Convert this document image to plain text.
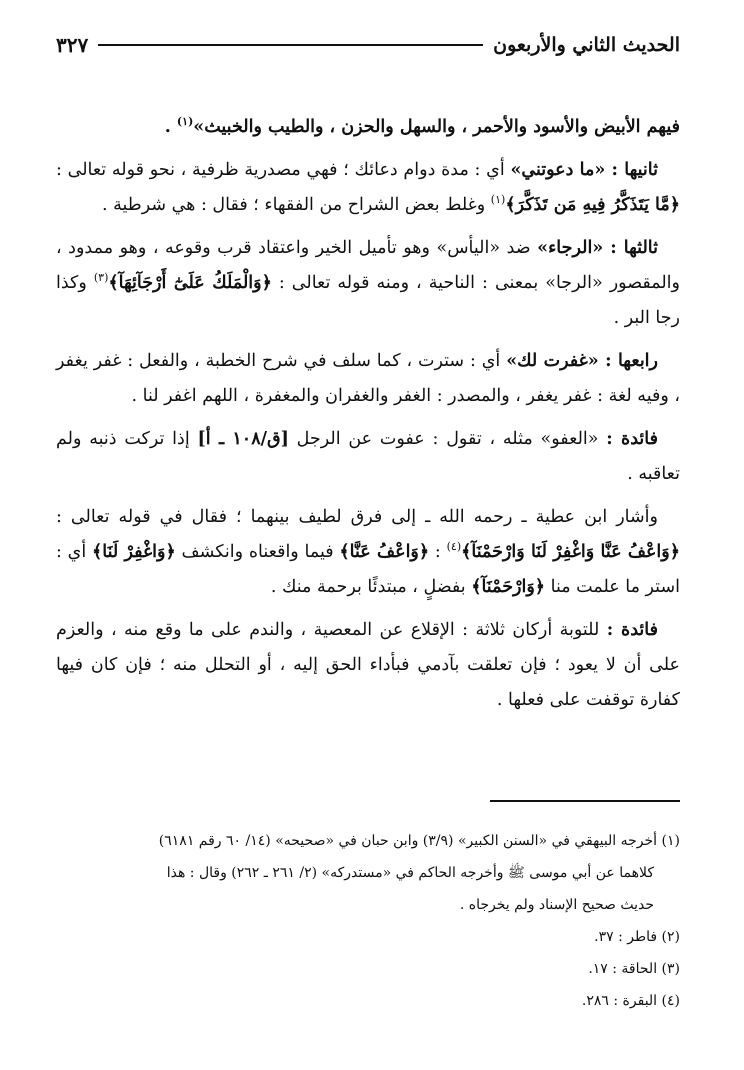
الحديث الثاني والأربعون
٣٢٧

فيهم الأبيض والأسود والأحمر ، والسهل والحزن ، والطيب والخبيث»$^{(١)}$ .

ثانيها : «ما دعوتني» أي : مدة دوام دعائك ؛ فهي مصدرية ظرفية ، نحو قوله تعالى : ﴿مَّا يَتَذَكَّرُ فِيهِ مَن تَذَكَّرَ﴾$^{(١)}$ وغلط بعض الشراح من الفقهاء ؛ فقال : هي شرطية .

ثالثها : «الرجاء» ضد «اليأس» وهو تأميل الخير واعتقاد قرب وقوعه ، وهو ممدود ، والمقصور «الرجا» بمعنى : الناحية ، ومنه قوله تعالى : ﴿وَالْمَلَكُ عَلَىٰٓ أَرْجَآئِهَآ﴾$^{(٣)}$ وكذا رجا البر .

رابعها : «غفرت لك» أي : سترت ، كما سلف في شرح الخطبة ، والفعل : غفر يغفر ، وفيه لغة : غفر يغفر ، والمصدر : الغفر والغفران والمغفرة ، اللهم اغفر لنا .

فائدة : «العفو» مثله ، تقول : عفوت عن الرجل [ق/١٠٨ ـ أ] إذا تركت ذنبه ولم تعاقبه .

وأشار ابن عطية ـ رحمه الله ـ إلى فرق لطيف بينهما ؛ فقال في قوله تعالى : ﴿وَاعْفُ عَنَّا وَاغْفِرْ لَنَا وَارْحَمْنَآ﴾$^{(٤)}$ : ﴿وَاعْفُ عَنَّا﴾ فيما واقعناه وانكشف ﴿وَاغْفِرْ لَنَا﴾ أي : استر ما علمت منا ﴿وَارْحَمْنَآ﴾ بفضلٍ ، مبتدئًا برحمة منك .

فائدة : للتوبة أركان ثلاثة : الإقلاع عن المعصية ، والندم على ما وقع منه ، والعزم على أن لا يعود ؛ فإن تعلقت بآدمي فبأداء الحق إليه ، أو التحلل منه ؛ فإن كان فيها كفارة توقفت على فعلها .

(١) أخرجه البيهقي في «السنن الكبير» (٣/٩) وابن حبان في «صحيحه» (١٤/ ٦٠ رقم ٦١٨١)

كلاهما عن أبي موسى ﷺ وأخرجه الحاكم في «مستدركه» (٢/ ٢٦١ ـ ٢٦٢) وقال : هذا

حديث صحيح الإسناد ولم يخرجاه .

(٢) فاطر : ٣٧.

(٣) الحاقة : ١٧.

(٤) البقرة : ٢٨٦.
